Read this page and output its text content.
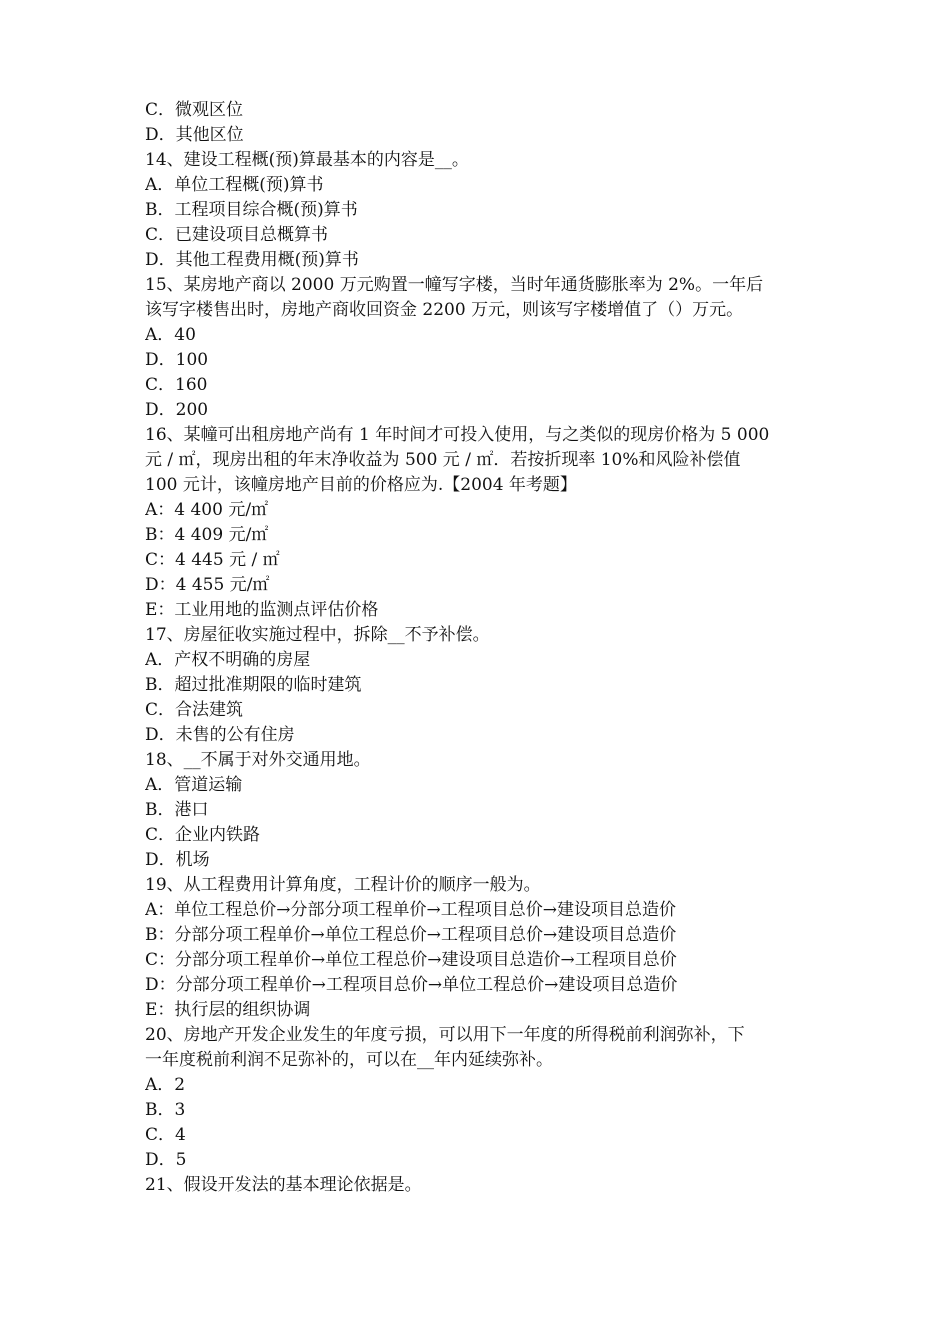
C．微观区位
D．其他区位
14、建设工程概(预)算最基本的内容是__。
A．单位工程概(预)算书
B．工程项目综合概(预)算书
C．已建设项目总概算书
D．其他工程费用概(预)算书
15、某房地产商以 2000 万元购置一幢写字楼，当时年通货膨胀率为 2%。一年后
该写字楼售出时，房地产商收回资金 2200 万元，则该写字楼增值了（）万元。
A．40
D．100
C．160
D．200
16、某幢可出租房地产尚有 1 年时间才可投入使用，与之类似的现房价格为 5 000
元 / ㎡，现房出租的年末净收益为 500 元 / ㎡．若按折现率 10%和风险补偿值
100 元计，该幢房地产目前的价格应为.【2004 年考题】
A：4 400 元/㎡
B：4 409 元/㎡
C：4 445 元 / ㎡
D：4 455 元/㎡
E：工业用地的监测点评估价格
17、房屋征收实施过程中，拆除__不予补偿。
A．产权不明确的房屋
B．超过批准期限的临时建筑
C．合法建筑
D．未售的公有住房
18、__不属于对外交通用地。
A．管道运输
B．港口
C．企业内铁路
D．机场
19、从工程费用计算角度，工程计价的顺序一般为。
A：单位工程总价→分部分项工程单价→工程项目总价→建设项目总造价
B：分部分项工程单价→单位工程总价→工程项目总价→建设项目总造价
C：分部分项工程单价→单位工程总价→建设项目总造价→工程项目总价
D：分部分项工程单价→工程项目总价→单位工程总价→建设项目总造价
E：执行层的组织协调
20、房地产开发企业发生的年度亏损，可以用下一年度的所得税前利润弥补，下
一年度税前利润不足弥补的，可以在__年内延续弥补。
A．2
B．3
C．4
D．5
21、假设开发法的基本理论依据是。
